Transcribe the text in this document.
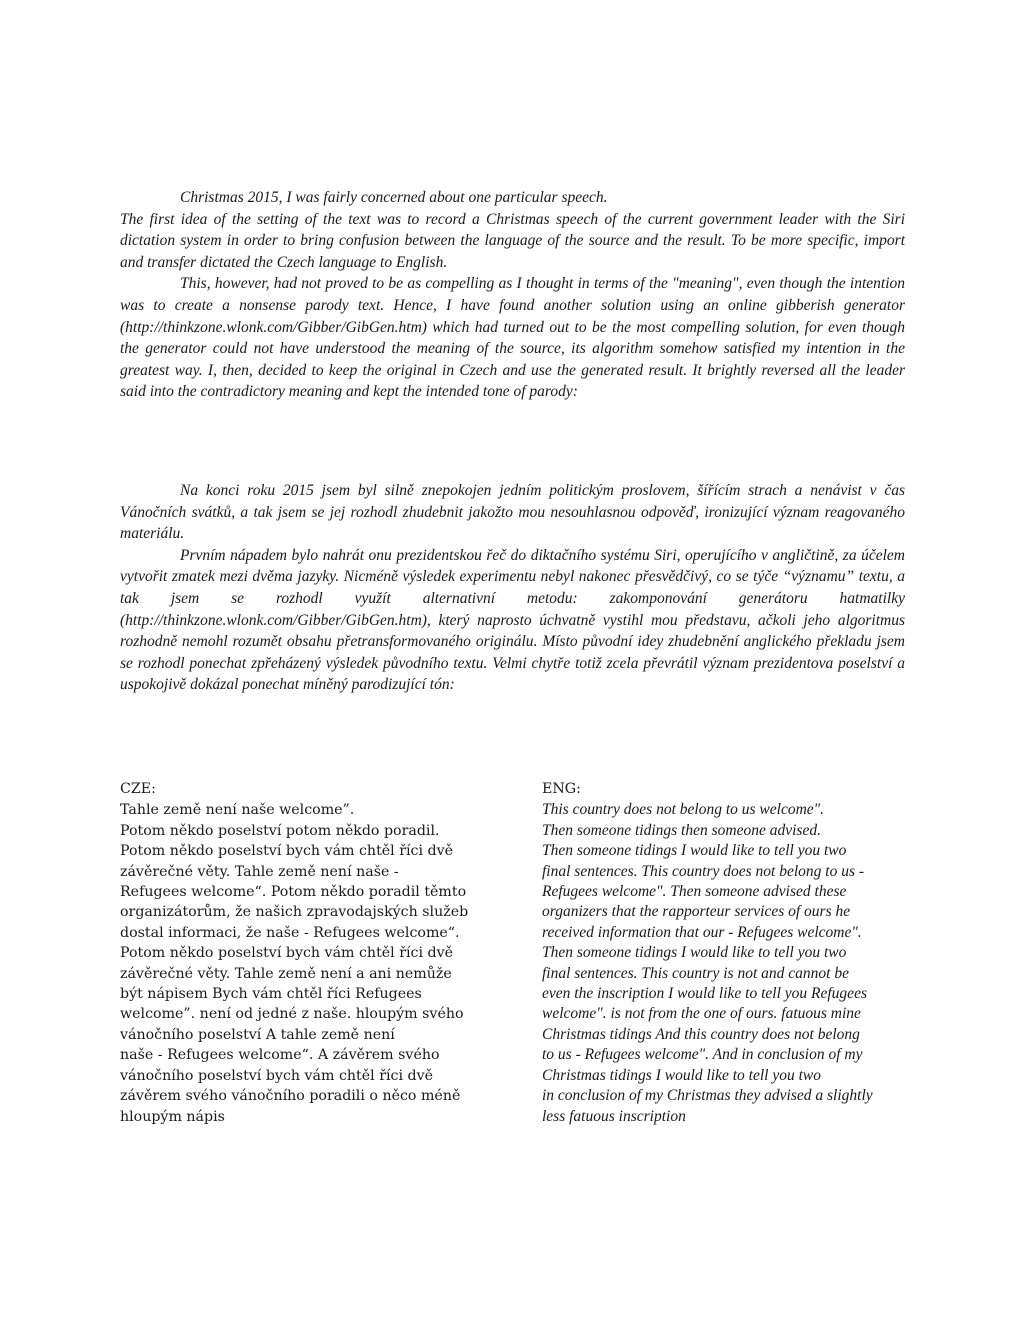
Christmas 2015, I was fairly concerned about one particular speech.

The first idea of the setting of the text was to record a Christmas speech of the current government leader with the Siri dictation system in order to bring confusion between the language of the source and the result. To be more specific, import and transfer dictated the Czech language to English.

This, however, had not proved to be as compelling as I thought in terms of the "meaning", even though the intention was to create a nonsense parody text. Hence, I have found another solution using an online gibberish generator (http://thinkzone.wlonk.com/Gibber/GibGen.htm) which had turned out to be the most compelling solution, for even though the generator could not have understood the meaning of the source, its algorithm somehow satisfied my intention in the greatest way. I, then, decided to keep the original in Czech and use the generated result. It brightly reversed all the leader said into the contradictory meaning and kept the intended tone of parody:

Na konci roku 2015 jsem byl silně znepokojen jedním politickým proslovem, šířícím strach a nenávist v čas Vánočních svátků, a tak jsem se jej rozhodl zhudebnit jakožto mou nesouhlasnou odpověď, ironizující význam reagovaného materiálu.

Prvním nápadem bylo nahrát onu prezidentskou řeč do diktačního systému Siri, operujícího v angličtině, za účelem vytvořit zmatek mezi dvěma jazyky. Nicméně výsledek experimentu nebyl nakonec přesvědčivý, co se týče “významu” textu, a tak jsem se rozhodl využít alternativní metodu: zakomponování generátoru hatmatilky (http://thinkzone.wlonk.com/Gibber/GibGen.htm), který naprosto úchvatně vystihl mou představu, ačkoli jeho algoritmus rozhodně nemohl rozumět obsahu přetransformovaného originálu. Místo původní idey zhudebnění anglického překladu jsem se rozhodl ponechat zpřeházený výsledek původního textu. Velmi chytře totiž zcela převrátil význam prezidentova poselství a uspokojivě dokázal ponechat míněný parodizující tón:

CZE:
Tahle země není naše welcome”.
Potom někdo poselství potom někdo poradil.
Potom někdo poselství bych vám chtěl říci dvě
závěrečné věty. Tahle země není naše -
Refugees welcome“. Potom někdo poradil těmto
organizátorům, že našich zpravodajských služeb
dostal informaci, že naše - Refugees welcome“.
Potom někdo poselství bych vám chtěl říci dvě
závěrečné věty. Tahle země není a ani nemůže
být nápisem Bych vám chtěl říci Refugees
welcome”. není od jedné z naše. hloupým svého
vánočního poselství A tahle země není
naše - Refugees welcome“. A závěrem svého
vánočního poselství bych vám chtěl říci dvě
závěrem svého vánočního poradili o něco méně
hloupým nápis
ENG:
This country does not belong to us welcome".
Then someone tidings then someone advised.
Then someone tidings I would like to tell you two
final sentences. This country does not belong to us -
Refugees welcome". Then someone advised these
organizers that the rapporteur services of ours he
received information that our - Refugees welcome".
Then someone tidings I would like to tell you two
final sentences. This country is not and cannot be
even the inscription I would like to tell you Refugees
welcome". is not from the one of ours. fatuous mine
Christmas tidings And this country does not belong
to us - Refugees welcome". And in conclusion of my
Christmas tidings I would like to tell you two
in conclusion of my Christmas they advised a slightly
less fatuous inscription
